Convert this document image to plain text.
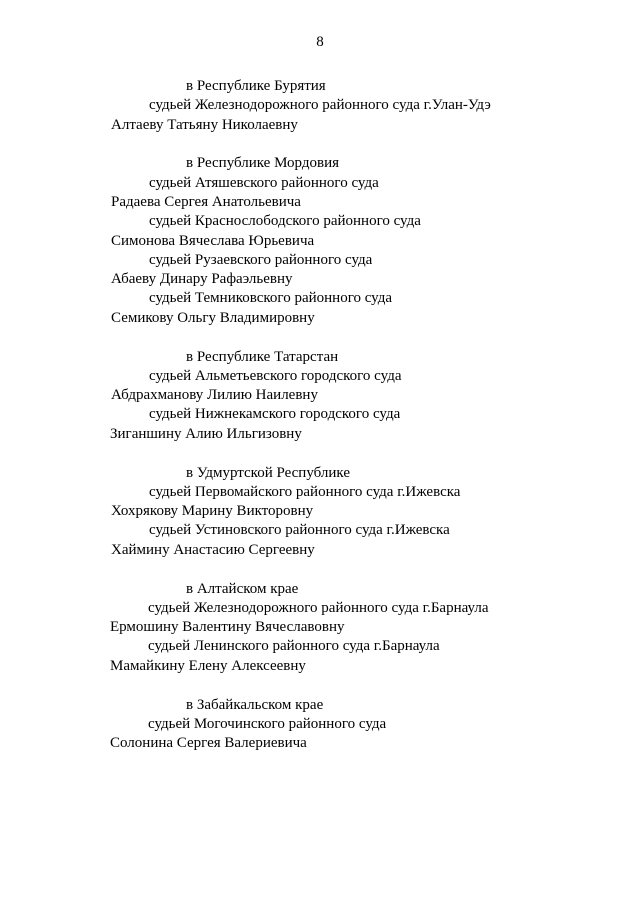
8
в Республике Бурятия
судьей Железнодорожного районного суда г.Улан-Удэ
Алтаеву Татьяну Николаевну
в Республике Мордовия
судьей Атяшевского районного суда
Радаева Сергея Анатольевича
судьей Краснослободского районного суда
Симонова Вячеслава Юрьевича
судьей Рузаевского районного суда
Абаеву Динару Рафаэльевну
судьей Темниковского районного суда
Семикову Ольгу Владимировну
в Республике Татарстан
судьей Альметьевского городского суда
Абдрахманову Лилию Наилевну
судьей Нижнекамского городского суда
Зиганшину Алию Ильгизовну
в Удмуртской Республике
судьей Первомайского районного суда г.Ижевска
Хохрякову Марину Викторовну
судьей Устиновского районного суда г.Ижевска
Хаймину Анастасию Сергеевну
в Алтайском крае
судьей Железнодорожного районного суда г.Барнаула
Ермошину Валентину Вячеславовну
судьей Ленинского районного суда г.Барнаула
Мамайкину Елену Алексеевну
в Забайкальском крае
судьей Могочинского районного суда
Солонина Сергея Валериевича
